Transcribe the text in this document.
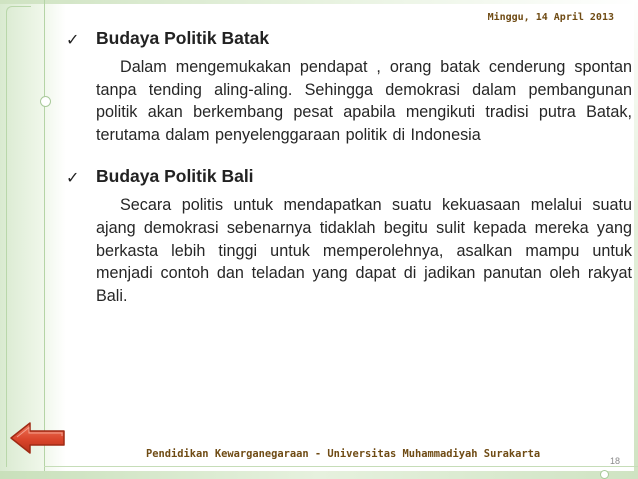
Minggu, 14 April 2013
✓ Budaya Politik Batak

Dalam mengemukakan pendapat , orang batak cenderung spontan tanpa tending aling-aling. Sehingga demokrasi dalam pembangunan politik akan berkembang pesat apabila mengikuti tradisi putra Batak, terutama dalam penyelenggaraan politik di Indonesia

✓ Budaya Politik Bali

Secara politis untuk mendapatkan suatu kekuasaan melalui suatu ajang demokrasi sebenarnya tidaklah begitu sulit kepada mereka yang berkasta lebih tinggi untuk memperolehnya, asalkan mampu untuk menjadi contoh dan teladan yang dapat di jadikan panutan oleh rakyat Bali.

Pendidikan Kewarganegaraan - Universitas Muhammadiyah Surakarta
18
